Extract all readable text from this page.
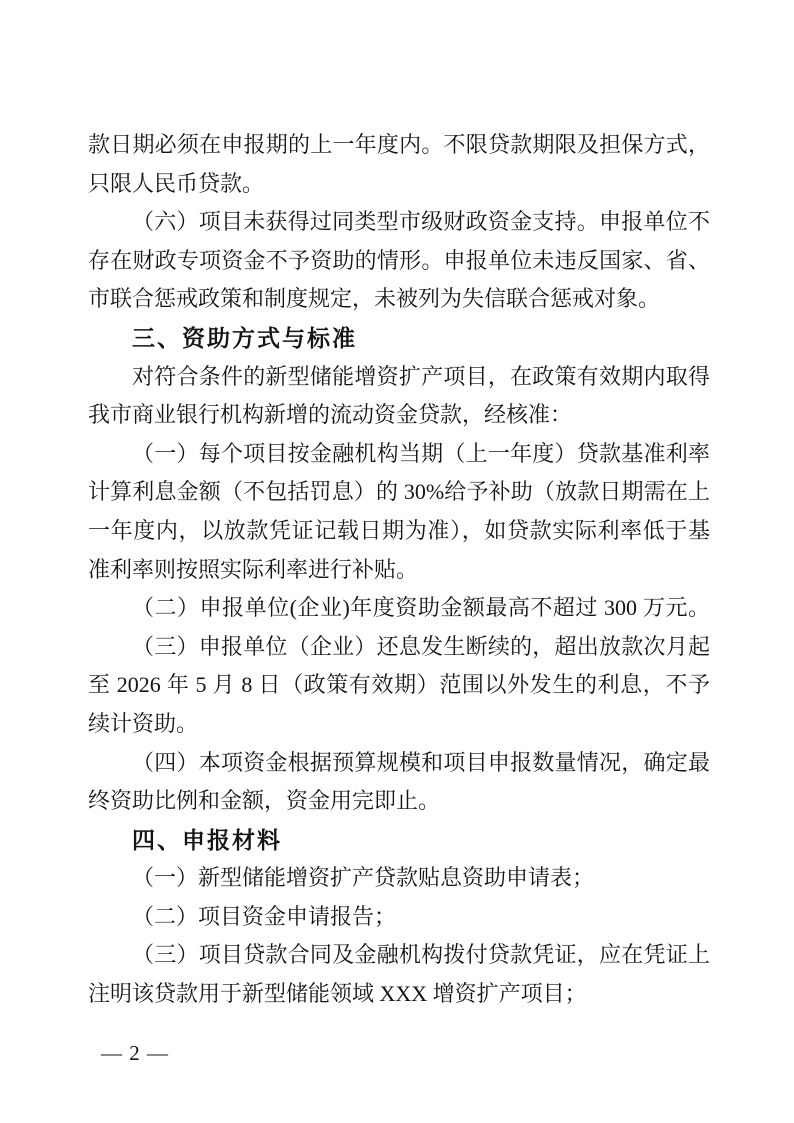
款日期必须在申报期的上一年度内。不限贷款期限及担保方式，
只限人民币贷款。
（六）项目未获得过同类型市级财政资金支持。申报单位不
存在财政专项资金不予资助的情形。申报单位未违反国家、省、
市联合惩戒政策和制度规定，未被列为失信联合惩戒对象。
三、资助方式与标准
对符合条件的新型储能增资扩产项目，在政策有效期内取得
我市商业银行机构新增的流动资金贷款，经核准：
（一）每个项目按金融机构当期（上一年度）贷款基准利率
计算利息金额（不包括罚息）的 30%给予补助（放款日期需在上
一年度内，以放款凭证记载日期为准），如贷款实际利率低于基
准利率则按照实际利率进行补贴。
（二）申报单位(企业)年度资助金额最高不超过 300 万元。
（三）申报单位（企业）还息发生断续的，超出放款次月起
至 2026 年 5 月 8 日（政策有效期）范围以外发生的利息，不予
续计资助。
（四）本项资金根据预算规模和项目申报数量情况，确定最
终资助比例和金额，资金用完即止。
四、申报材料
（一）新型储能增资扩产贷款贴息资助申请表；
（二）项目资金申请报告；
（三）项目贷款合同及金融机构拨付贷款凭证，应在凭证上
注明该贷款用于新型储能领域 XXX 增资扩产项目；
— 2 —
